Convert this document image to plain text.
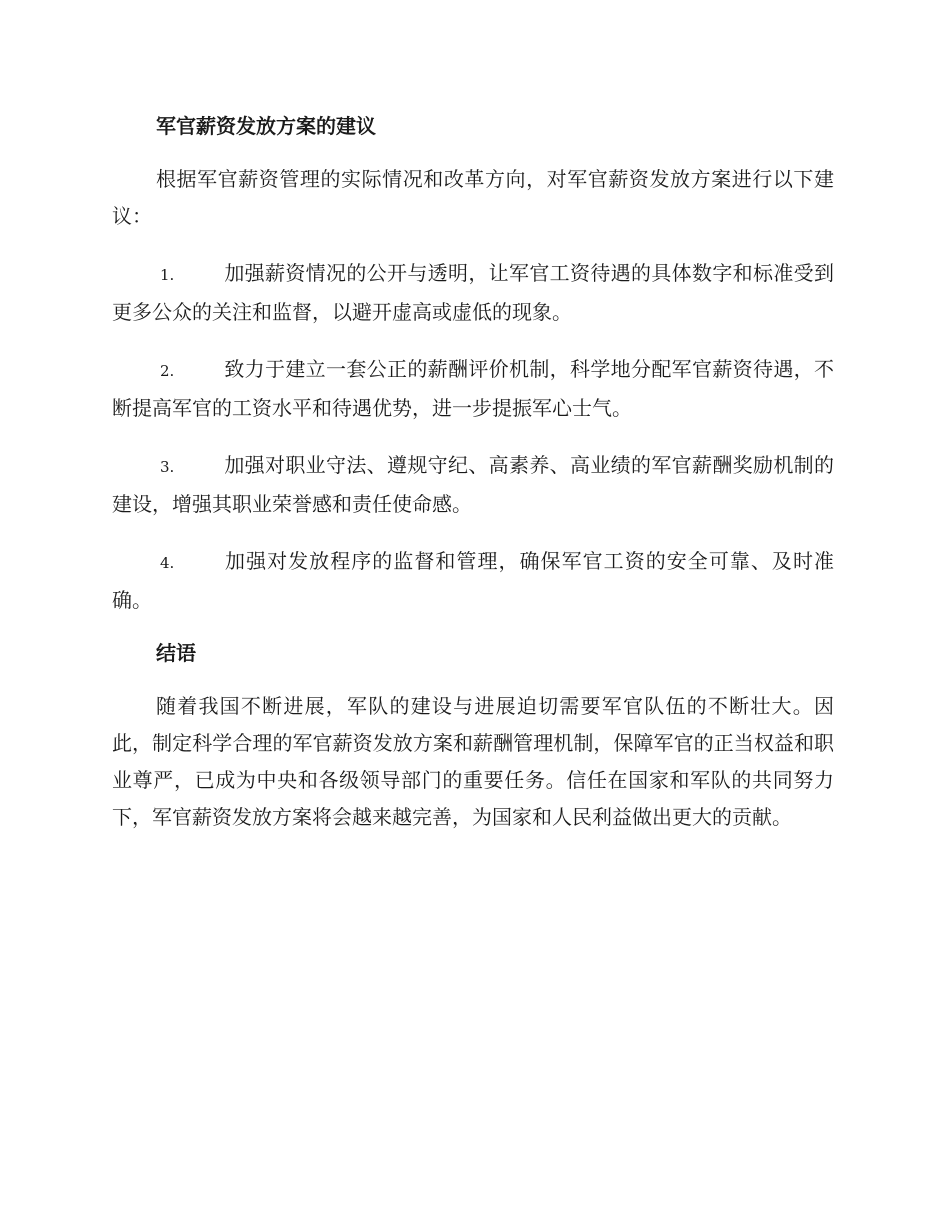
军官薪资发放方案的建议

根据军官薪资管理的实际情况和改革方向，对军官薪资发放方案进行以下建议：

1. 加强薪资情况的公开与透明，让军官工资待遇的具体数字和标准受到更多公众的关注和监督，以避开虚高或虚低的现象。

2. 致力于建立一套公正的薪酬评价机制，科学地分配军官薪资待遇，不断提高军官的工资水平和待遇优势，进一步提振军心士气。

3. 加强对职业守法、遵规守纪、高素养、高业绩的军官薪酬奖励机制的建设，增强其职业荣誉感和责任使命感。

4. 加强对发放程序的监督和管理，确保军官工资的安全可靠、及时准确。

结语

随着我国不断进展，军队的建设与进展迫切需要军官队伍的不断壮大。因此，制定科学合理的军官薪资发放方案和薪酬管理机制，保障军官的正当权益和职业尊严，已成为中央和各级领导部门的重要任务。信任在国家和军队的共同努力下，军官薪资发放方案将会越来越完善，为国家和人民利益做出更大的贡献。
